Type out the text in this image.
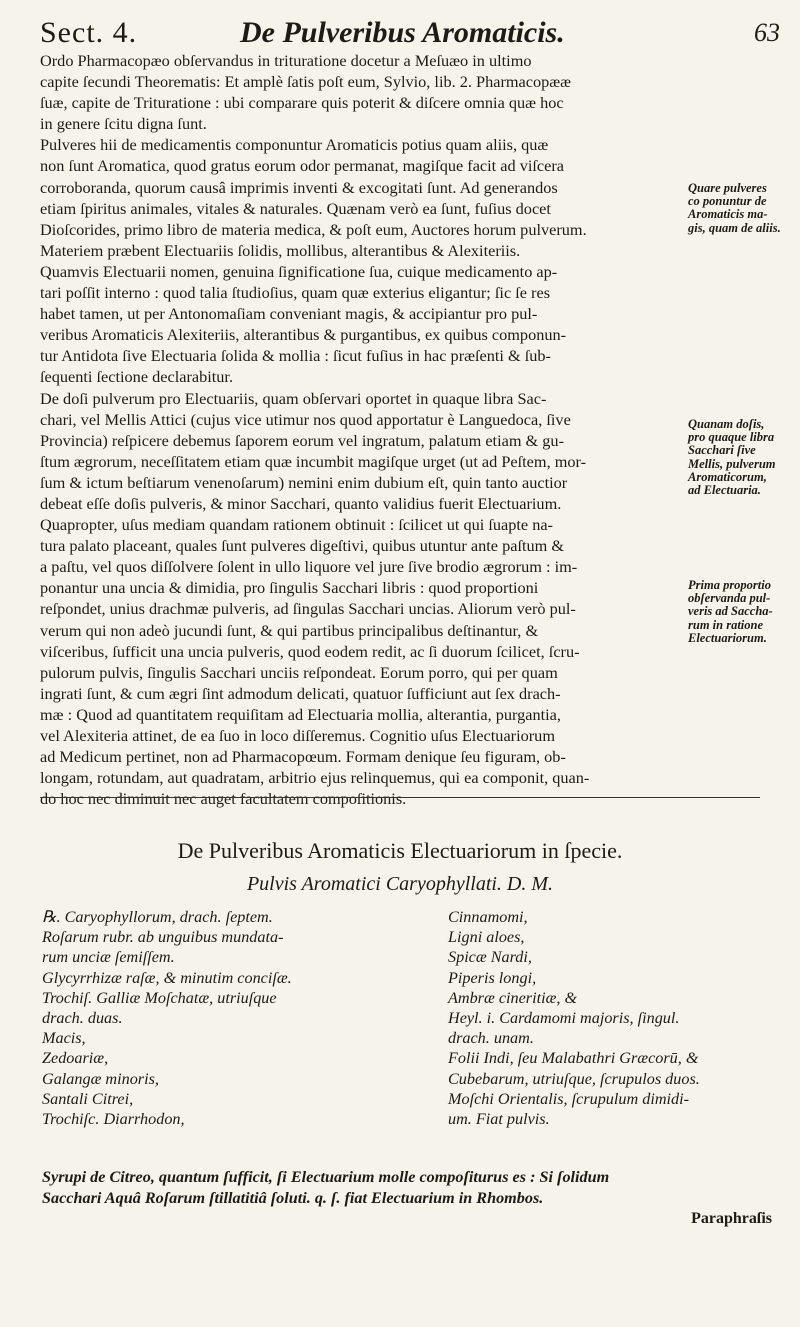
Sect. 4.	De Pulveribus Aromaticis.	63
Ordo Pharmacopæo obſervandus in trituratione docetur a Meſuæo in ultimo
capite ſecundi Theorematis: Et amplè ſatis poſt eum, Sylvio, lib. 2. Pharmacopææ
ſuæ, capite de Trituratione : ubi comparare quis poterit & diſcere omnia quæ hoc
in genere ſcitu digna ſunt.
Pulveres hii de medicamentis componuntur Aromaticis potius quam aliis, quæ
non ſunt Aromatica, quod gratus eorum odor permanat, magiſque facit ad viſcera
corroboranda, quorum causâ imprimis inventi & excogitati ſunt. Ad generandos
etiam ſpiritus animales, vitales & naturales. Quænam verò ea ſunt, fuſius docet
Dioſcorides, primo libro de materia medica, & poſt eum, Auctores horum pulverum.
Materiem præbent Electuariis ſolidis, mollibus, alterantibus & Alexiteriis.
Quamvis Electuarii nomen, genuina ſignificatione ſua, cuique medicamento ap-
tari poſſit interno : quod talia ſtudioſius, quam quæ exterius eligantur; ſic ſe res
habet tamen, ut per Antonomaſiam conveniant magis, & accipiantur pro pul-
veribus Aromaticis Alexiteriis, alterantibus & purgantibus, ex quibus componun-
tur Antidota ſive Electuaria ſolida & mollia : ſicut fuſius in hac præſenti & ſub-
ſequenti ſectione declarabitur.
De doſi pulverum pro Electuariis, quam obſervari oportet in quaque libra Sac-
chari, vel Mellis Attici (cujus vice utimur nos quod apportatur è Languedoca, ſive
Provincia) reſpicere debemus ſaporem eorum vel ingratum, palatum etiam & gu-
ſtum ægrorum, neceſſitatem etiam quæ incumbit magiſque urget (ut ad Peſtem, mor-
ſum & ictum beſtiarum venenoſarum) nemini enim dubium eſt, quin tanto auctior
debeat eſſe doſis pulveris, & minor Sacchari, quanto validius fuerit Electuarium.
Quapropter, uſus mediam quandam rationem obtinuit : ſcilicet ut qui ſuapte na-
tura palato placeant, quales ſunt pulveres digeſtivi, quibus utuntur ante paſtum &
a paſtu, vel quos diſſolvere ſolent in ullo liquore vel jure ſive brodio ægrorum : im-
ponantur una uncia & dimidia, pro ſingulis Sacchari libris : quod proportioni
reſpondet, unius drachmæ pulveris, ad ſingulas Sacchari uncias. Aliorum verò pul-
verum qui non adeò jucundi ſunt, & qui partibus principalibus deſtinantur, &
viſceribus, ſufficit una uncia pulveris, quod eodem redit, ac ſi duorum ſcilicet, ſcru-
pulorum pulvis, ſingulis Sacchari unciis reſpondeat. Eorum porro, qui per quam
ingrati ſunt, & cum ægri ſint admodum delicati, quatuor ſufficiunt aut ſex drach-
mæ : Quod ad quantitatem requiſitam ad Electuaria mollia, alterantia, purgantia,
vel Alexiteria attinet, de ea ſuo in loco diſſeremus. Cognitio uſus Electuariorum
ad Medicum pertinet, non ad Pharmacopœum. Formam denique ſeu figuram, ob-
longam, rotundam, aut quadratam, arbitrio ejus relinquemus, qui ea componit, quan-
do hoc nec diminuit nec auget facultatem compoſitionis.
Quare pulveres
co ponuntur de
Aromaticis ma-
gis, quam de aliis.
Quanam doſis,
pro quaque libra
Sacchari ſive
Mellis, pulverum
Aromaticorum,
ad Electuaria.
Prima proportio
obſervanda pul-
veris ad Saccha-
rum in ratione
Electuariorum.
De Pulveribus Aromaticis Electuariorum in ſpecie.
Pulvis Aromatici Caryophyllati. D. M.
℞. Caryophyllorum, drach. ſeptem.
Roſarum rubr. ab unguibus mundata-
rum unciæ ſemiſſem.
Glycyrrhizæ raſæ, & minutim conciſæ.
Trochiſ. Galliæ Moſchatæ, utriuſque
drach. duas.
Macis,
Zedoariæ,
Galangæ minoris,
Santali Citrei,
Trochiſc. Diarrhodon,
Cinnamomi,
Ligni aloes,
Spicæ Nardi,
Piperis longi,
Ambræ cineritiæ, &
Heyl. i. Cardamomi majoris, ſingul.
drach. unam.
Folii Indi, ſeu Malabathri Græcorū, &
Cubebarum, utriuſque, ſcrupulos duos.
Moſchi Orientalis, ſcrupulum dimidi-
um. Fiat pulvis.
Syrupi de Citreo, quantum ſufficit, ſi Electuarium molle compoſiturus es : Si ſolidum
Sacchari Aquâ Roſarum ſtillatitiâ ſoluti. q. ſ. fiat Electuarium in Rhombos.
Paraphraſis
